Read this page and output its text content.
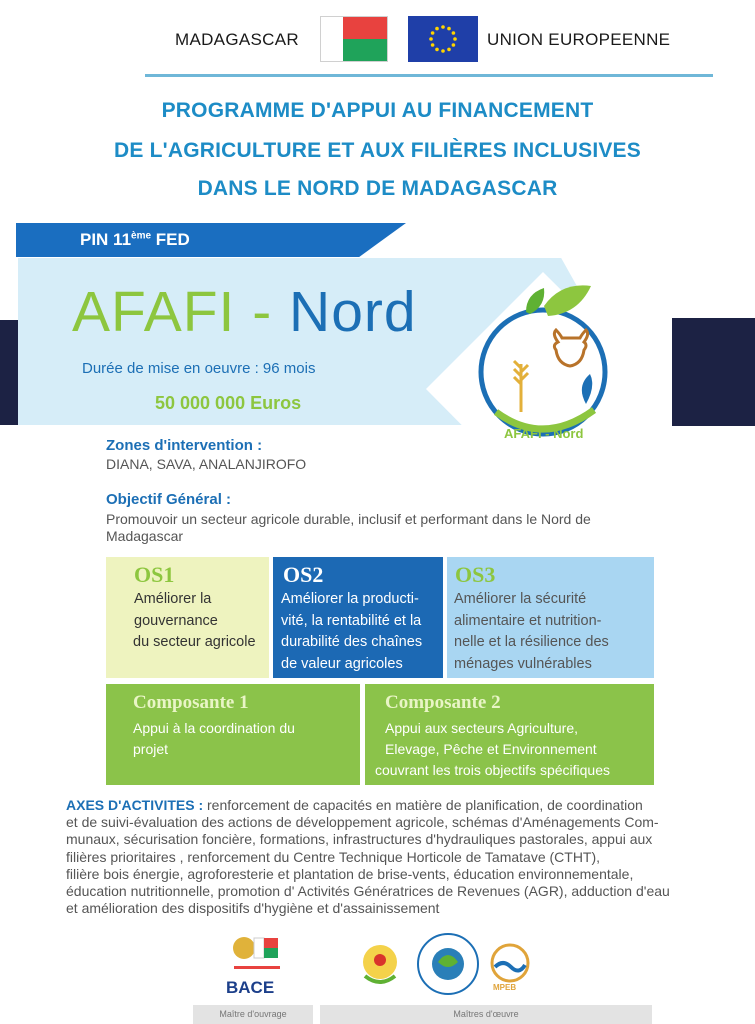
MADAGASCAR	UNION EUROPEENNE
PROGRAMME D'APPUI AU FINANCEMENT
DE L'AGRICULTURE ET AUX FILIÈRES INCLUSIVES
DANS LE NORD DE MADAGASCAR
PIN 11ème FED
AFAFI - Nord
Durée de mise en oeuvre : 96 mois
50 000 000 Euros
AFAFI - Nord
Zones d'intervention :
DIANA, SAVA, ANALANJIROFO
Objectif Général :
Promouvoir un secteur agricole durable, inclusif et performant dans le Nord de
Madagascar
OS1
Améliorer la
gouvernance
du secteur agricole
OS2
Améliorer la producti-
vité, la rentabilité et la
durabilité des chaînes
de valeur agricoles
OS3
Améliorer la sécurité
alimentaire et nutrition-
nelle et la résilience des
ménages vulnérables
Composante 1
Appui à la coordination du
projet
Composante 2
Appui aux secteurs Agriculture,
Elevage, Pêche et Environnement
couvrant les trois objectifs spécifiques
AXES D'ACTIVITES : renforcement de capacités en matière de planification, de coordination
et de suivi-évaluation des actions de développement agricole, schémas d'Aménagements Com-
munaux, sécurisation foncière, formations, infrastructures d'hydrauliques pastorales, appui aux
filières prioritaires , renforcement du Centre Technique Horticole de Tamatave (CTHT),
filière bois énergie, agroforesterie et plantation de brise-vents, éducation environnementale,
éducation nutritionnelle, promotion d' Activités Génératrices de Revenues (AGR), adduction d'eau
et amélioration des dispositifs d'hygiène et d'assainissement
BACE	MPEB
Maître d'ouvrage	Maîtres d'œuvre
